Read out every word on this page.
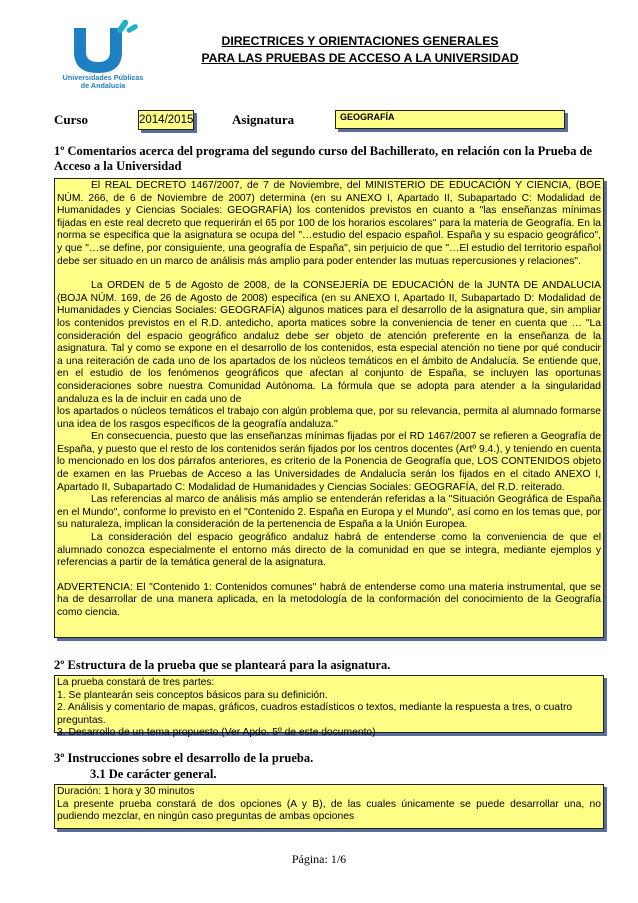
Universidades Públicas
de Andalucía
DIRECTRICES Y ORIENTACIONES GENERALES
PARA LAS PRUEBAS DE ACCESO A LA UNIVERSIDAD
Curso	2014/2015	Asignatura	GEOGRAFÍA
1º Comentarios acerca del programa del segundo curso del Bachillerato, en relación con la Prueba de Acceso a la Universidad

El REAL DECRETO 1467/2007, de 7 de Noviembre, del MINISTERIO DE EDUCACIÓN Y CIENCIA, (BOE NÚM. 266, de 6 de Noviembre de 2007) determina (en su ANEXO I, Apartado II, Subapartado C: Modalidad de Humanidades y Ciencias Sociales: GEOGRAFÍA) los contenidos previstos en cuanto a "las enseñanzas mínimas fijadas en este real decreto que requerirán el 65 por 100 de los horarios escolares" para la materia de Geografía. En la norma se especifica que la asignatura se ocupa del "…estudio del espacio español. España y su espacio geográfico", y que "…se define, por consiguiente, una geografía de España", sin perjuicio de que "…El estudio del territorio español debe ser situado en un marco de análisis más amplio para poder entender las mutuas repercusiones y relaciones".

La ORDEN de 5 de Agosto de 2008, de la CONSEJERÍA DE EDUCACIÓN de la JUNTA DE ANDALUCIA (BOJA NÚM. 169, de 26 de Agosto de 2008) especifica (en su ANEXO I, Apartado II, Subapartado D: Modalidad de Humanidades y Ciencias Sociales: GEOGRAFÍA) algunos matices para el desarrollo de la asignatura que, sin ampliar los contenidos previstos en el R.D. antedicho, aporta matices sobre la conveniencia de tener en cuenta que … "La consideración del espacio geográfico andaluz debe ser objeto de atención preferente en la enseñanza de la asignatura. Tal y como se expone en el desarrollo de los contenidos, esta especial atención no tiene por qué conducir a una reiteración de cada uno de los apartados de los núcleos temáticos en el ámbito de Andalucía. Se entiende que, en el estudio de los fenómenos geográficos que afectan al conjunto de España, se incluyen las oportunas consideraciones sobre nuestra Comunidad Autónoma. La fórmula que se adopta para atender a la singularidad andaluza es la de incluir en cada uno de

los apartados o núcleos temáticos el trabajo con algún problema que, por su relevancia, permita al alumnado formarse una idea de los rasgos específicos de la geografía andaluza."

En consecuencia, puesto que las enseñanzas mínimas fijadas por el RD 1467/2007 se refieren a Geografía de España, y puesto que el resto de los contenidos serán fijados por los centros docentes (Artº 9.4.), y teniendo en cuenta lo mencionado en los dos párrafos anteriores, es criterio de la Ponencia de Geografía que, LOS CONTENIDOS objeto de examen en las Pruebas de Acceso a las Universidades de Andalucía serán los fijados en el citado ANEXO I, Apartado II, Subapartado C: Modalidad de Humanidades y Ciencias Sociales: GEOGRAFÍA, del R.D. reiterado.

Las referencias al marco de análisis más amplio se entenderán referidas a la "Situación Geográfica de España en el Mundo", conforme lo previsto en el "Contenido 2. España en Europa y el Mundo", así como en los temas que, por su naturaleza, implican la consideración de la pertenencia de España a la Unión Europea.

La consideración del espacio geográfico andaluz habrá de entenderse como la conveniencia de que el alumnado conozca especialmente el entorno más directo de la comunidad en que se integra, mediante ejemplos y referencias a partir de la temática general de la asignatura.

ADVERTENCIA: El "Contenido 1: Contenidos comunes" habrá de entenderse como una materia instrumental, que se ha de desarrollar de una manera aplicada, en la metodología de la conformación del conocimiento de la Geografía como ciencia.

2º Estructura de la prueba que se planteará para la asignatura.
La prueba constará de tres partes:
1. Se plantearán seis conceptos básicos para su definición.
2. Análisis y comentario de mapas, gráficos, cuadros estadísticos o textos, mediante la respuesta a tres, o cuatro preguntas.
3. Desarrollo de un tema propuesto.(Ver Apdo. 5º de este documento)
3º Instrucciones sobre el desarrollo de la prueba.
3.1 De carácter general.
Duración: 1 hora y 30 minutos

La presente prueba constará de dos opciones (A y B), de las cuales únicamente se puede desarrollar una, no pudiendo mezclar, en ningún caso preguntas de ambas opciones

Página: 1/6
